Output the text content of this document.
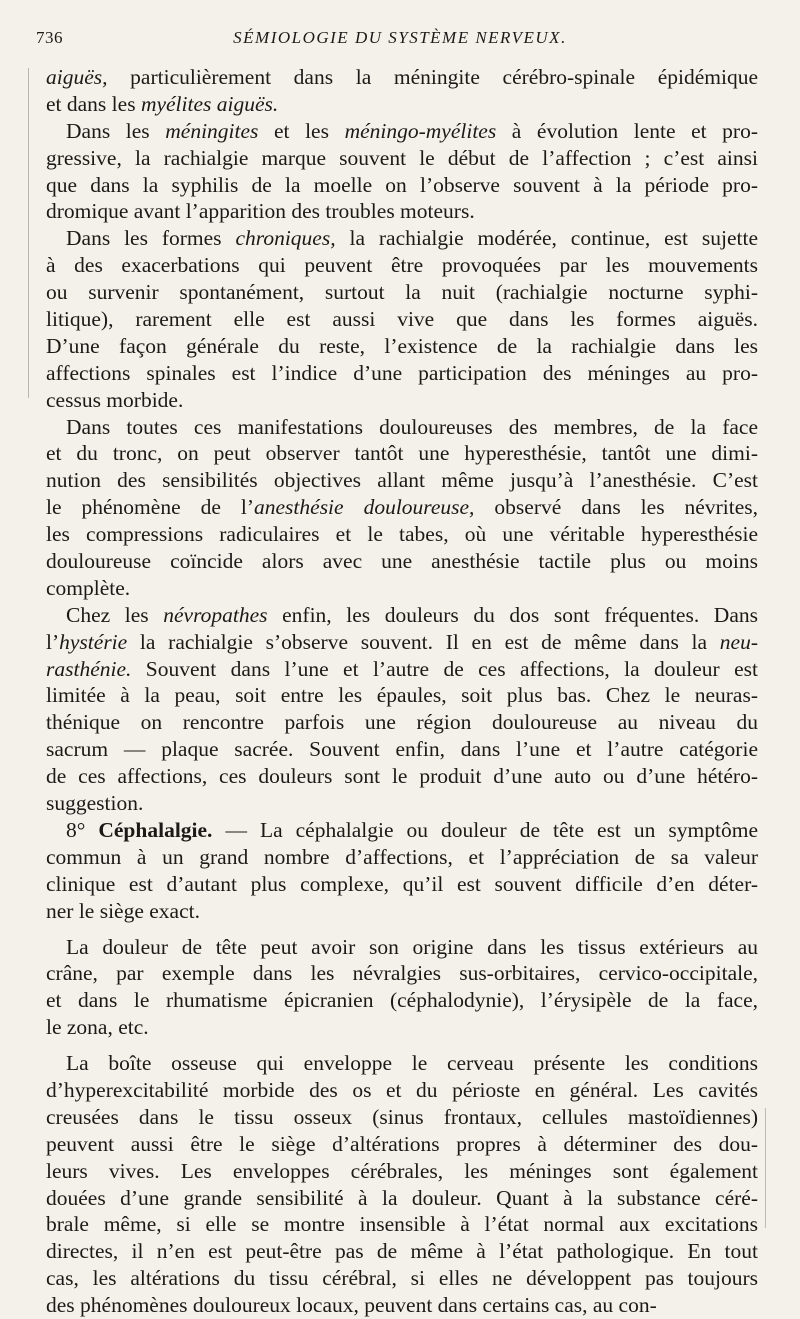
736	SÉMIOLOGIE DU SYSTÈME NERVEUX.
aiguës, particulièrement dans la méningite cérébro-spinale épidémique
et dans les myélites aiguës.
Dans les méningites et les méningo-myélites à évolution lente et pro-
gressive, la rachialgie marque souvent le début de l’affection ; c’est ainsi
que dans la syphilis de la moelle on l’observe souvent à la période pro-
dromique avant l’apparition des troubles moteurs.
Dans les formes chroniques, la rachialgie modérée, continue, est sujette
à des exacerbations qui peuvent être provoquées par les mouvements
ou survenir spontanément, surtout la nuit (rachialgie nocturne syphi-
litique), rarement elle est aussi vive que dans les formes aiguës.
D’une façon générale du reste, l’existence de la rachialgie dans les
affections spinales est l’indice d’une participation des méninges au pro-
cessus morbide.
Dans toutes ces manifestations douloureuses des membres, de la face
et du tronc, on peut observer tantôt une hyperesthésie, tantôt une dimi-
nution des sensibilités objectives allant même jusqu’à l’anesthésie. C’est
le phénomène de l’anesthésie douloureuse, observé dans les névrites,
les compressions radiculaires et le tabes, où une véritable hyperesthésie
douloureuse coïncide alors avec une anesthésie tactile plus ou moins
complète.
Chez les névropathes enfin, les douleurs du dos sont fréquentes. Dans
l’hystérie la rachialgie s’observe souvent. Il en est de même dans la neu-
rasthénie. Souvent dans l’une et l’autre de ces affections, la douleur est
limitée à la peau, soit entre les épaules, soit plus bas. Chez le neuras-
thénique on rencontre parfois une région douloureuse au niveau du
sacrum — plaque sacrée. Souvent enfin, dans l’une et l’autre catégorie
de ces affections, ces douleurs sont le produit d’une auto ou d’une hétéro-
suggestion.
8° Céphalalgie. — La céphalalgie ou douleur de tête est un symptôme
commun à un grand nombre d’affections, et l’appréciation de sa valeur
clinique est d’autant plus complexe, qu’il est souvent difficile d’en déter-
ner le siège exact.
La douleur de tête peut avoir son origine dans les tissus extérieurs au
crâne, par exemple dans les névralgies sus-orbitaires, cervico-occipitale,
et dans le rhumatisme épicranien (céphalodynie), l’érysipèle de la face,
le zona, etc.
La boîte osseuse qui enveloppe le cerveau présente les conditions
d’hyperexcitabilité morbide des os et du périoste en général. Les cavités
creusées dans le tissu osseux (sinus frontaux, cellules mastoïdiennes)
peuvent aussi être le siège d’altérations propres à déterminer des dou-
leurs vives. Les enveloppes cérébrales, les méninges sont également
douées d’une grande sensibilité à la douleur. Quant à la substance céré-
brale même, si elle se montre insensible à l’état normal aux excitations
directes, il n’en est peut-être pas de même à l’état pathologique. En tout
cas, les altérations du tissu cérébral, si elles ne développent pas toujours
des phénomènes douloureux locaux, peuvent dans certains cas, au con-
